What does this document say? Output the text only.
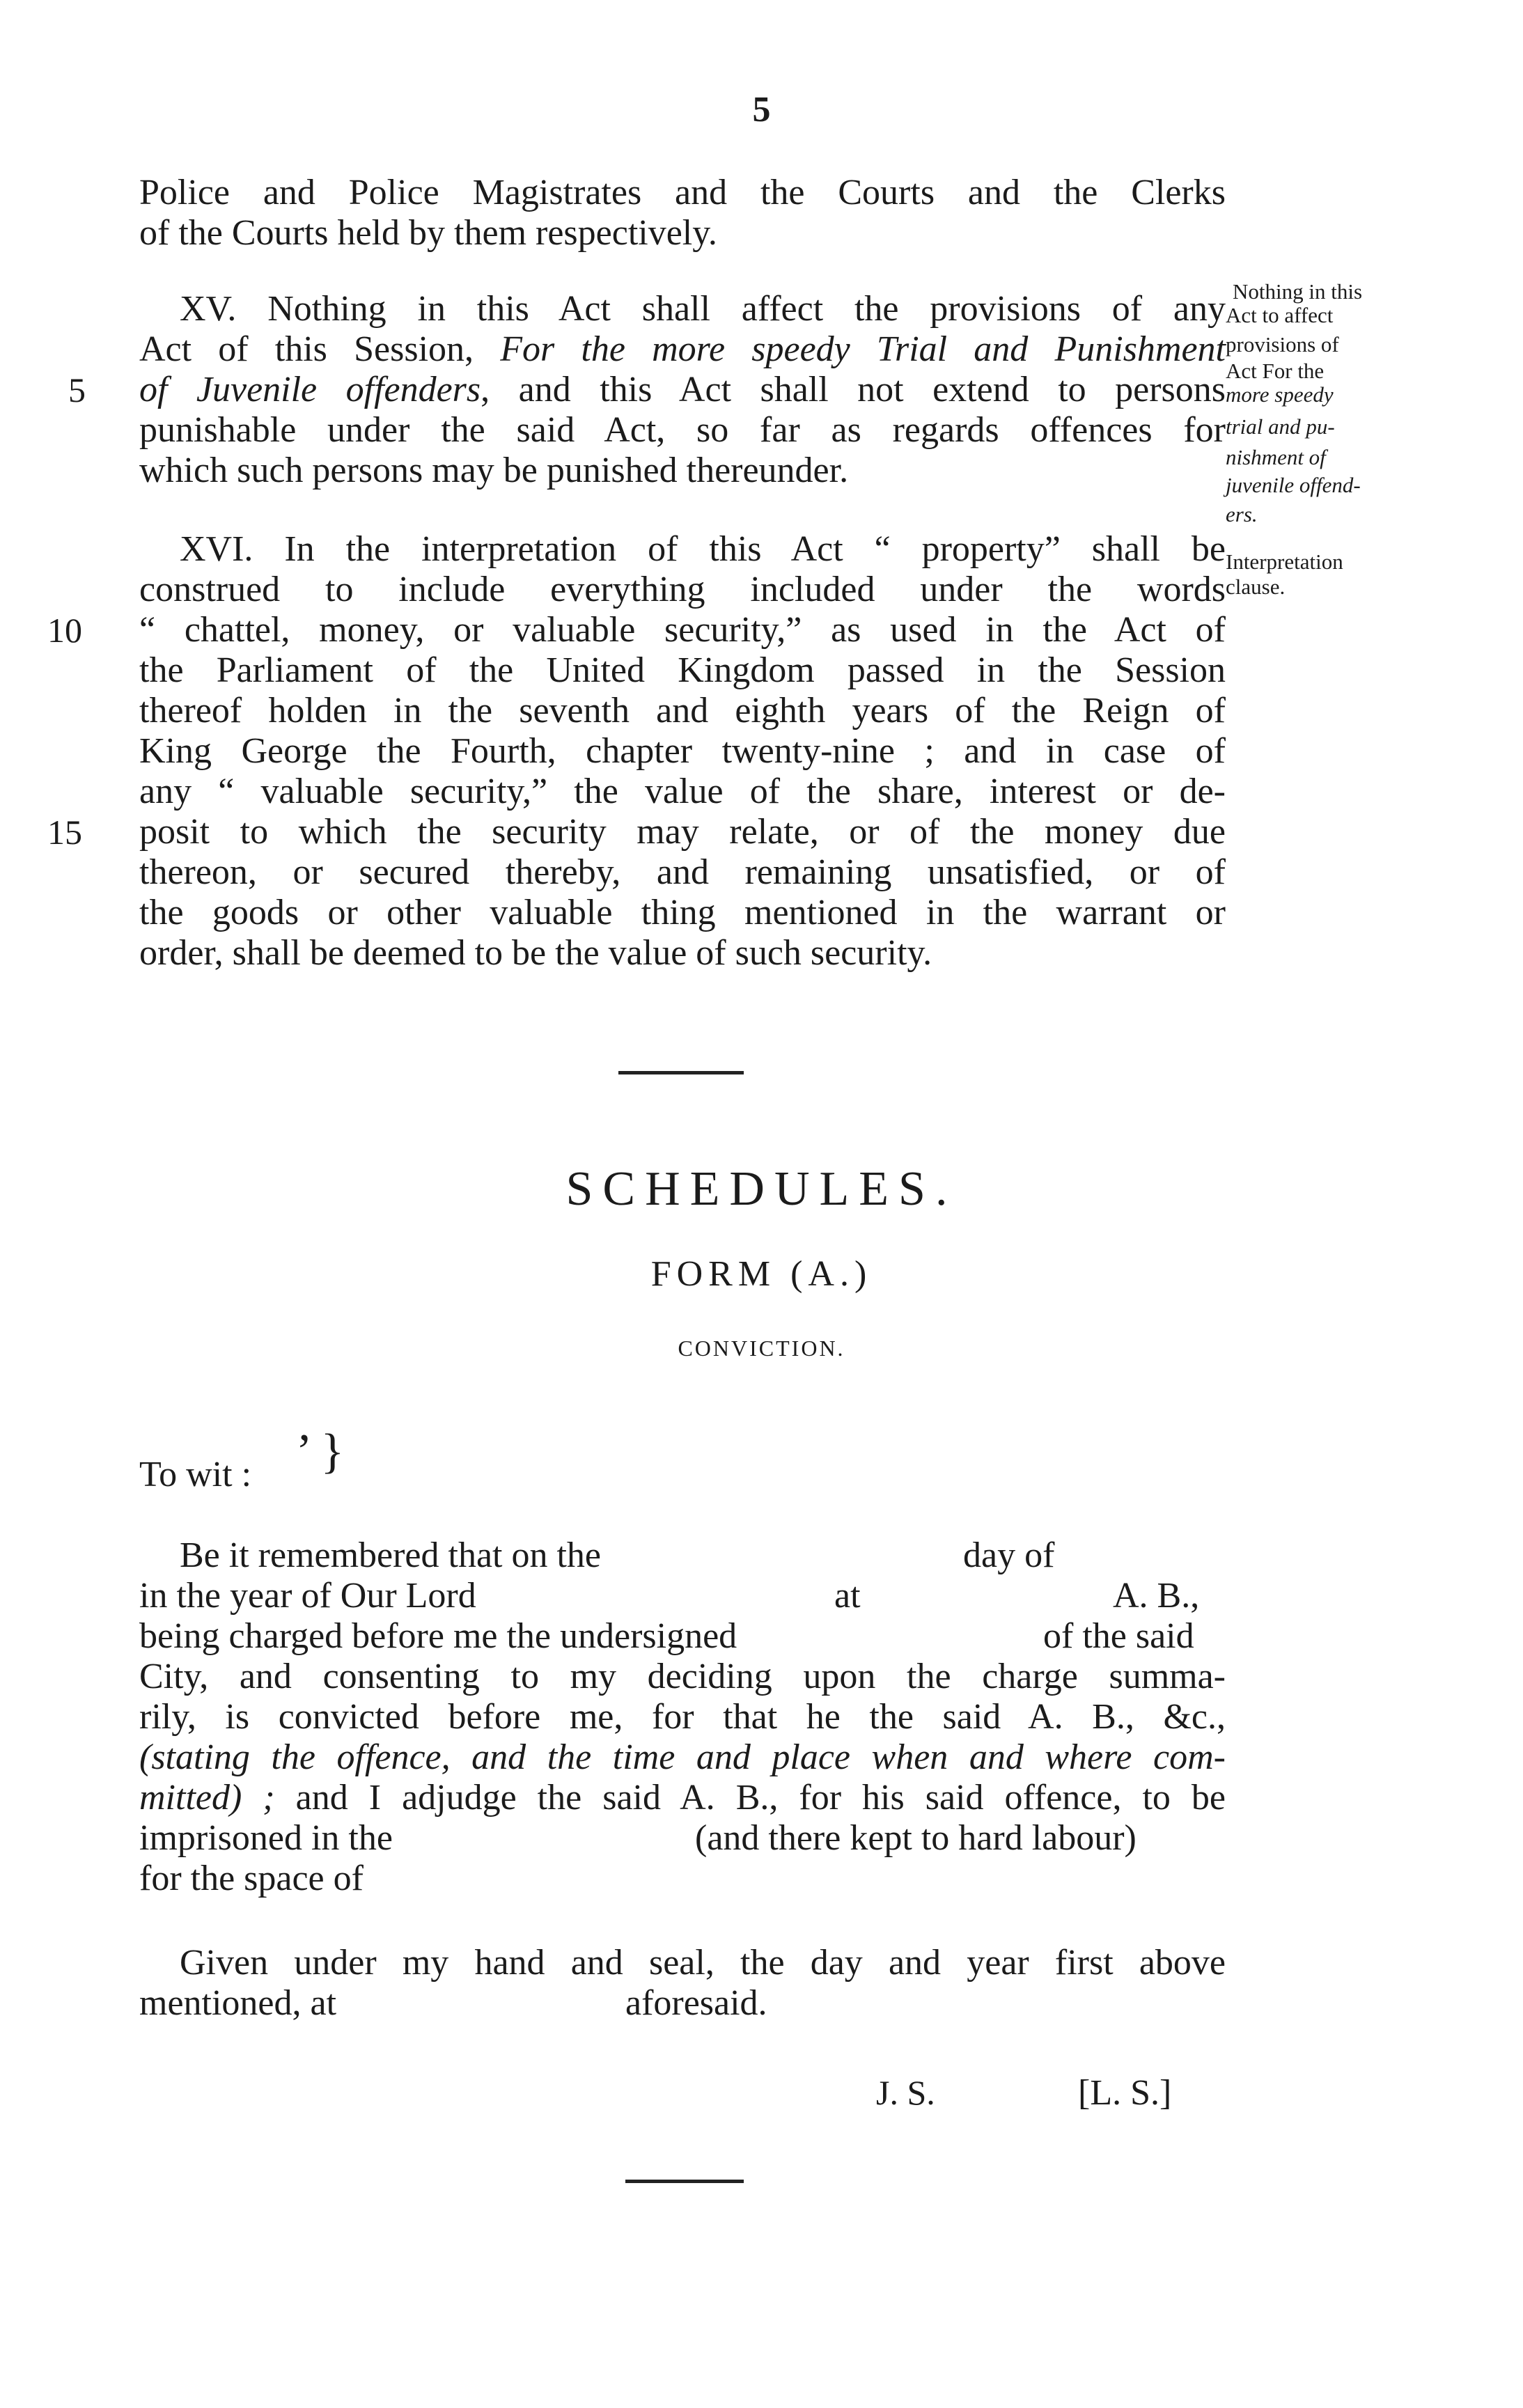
5
Police and Police Magistrates and the Courts and the Clerks
of the Courts held by them respectively.
XV. Nothing in this Act shall affect the provisions of any
Act of this Session, For the more speedy Trial and Punishment
of Juvenile offenders, and this Act shall not extend to persons
punishable under the said Act, so far as regards offences for
which such persons may be punished thereunder.
Nothing in this
Act to affect
provisions of
Act For the
more speedy
trial and pu-
nishment of
juvenile offend-
ers.
XVI. In the interpretation of this Act “ property” shall be
construed to include everything included under the words
“ chattel, money, or valuable security,” as used in the Act of
the Parliament of the United Kingdom passed in the Session
thereof holden in the seventh and eighth years of the Reign of
King George the Fourth, chapter twenty-nine ; and in case of
any “ valuable security,” the value of the share, interest or de-
posit to which the security may relate, or of the money due
thereon, or secured thereby, and remaining unsatisfied, or of
the goods or other valuable thing mentioned in the warrant or
order, shall be deemed to be the value of such security.
Interpretation
clause.
5
10
15
SCHEDULES.
FORM (A.)
CONVICTION.
To wit : ’ }
Be it remembered that on the	day of
in the year of Our Lord	at	A. B.,
being charged before me the undersigned	of the said
City, and consenting to my deciding upon the charge summa-
rily, is convicted before me, for that he the said A. B., &c.,
(stating the offence, and the time and place when and where com-
mitted) ; and I adjudge the said A. B., for his said offence, to be
imprisoned in the	(and there kept to hard labour)
for the space of
Given under my hand and seal, the day and year first above
mentioned, at	aforesaid.
J. S.	[L. S.]
